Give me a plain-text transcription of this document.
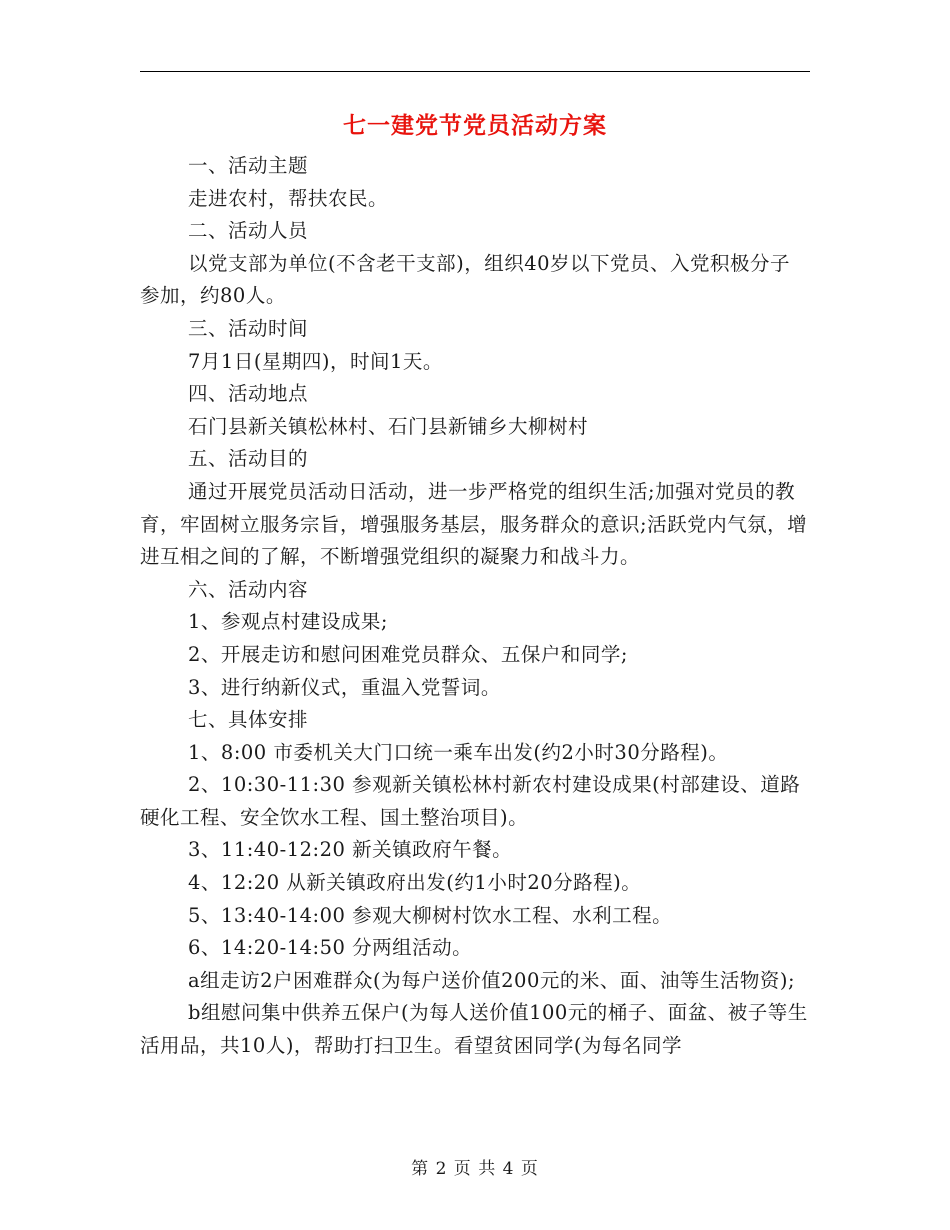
七一建党节党员活动方案

一、活动主题

走进农村，帮扶农民。

二、活动人员

以党支部为单位(不含老干支部)，组织40岁以下党员、入党积极分子参加，约80人。

三、活动时间

7月1日(星期四)，时间1天。

四、活动地点

石门县新关镇松林村、石门县新铺乡大柳树村

五、活动目的

通过开展党员活动日活动，进一步严格党的组织生活;加强对党员的教育，牢固树立服务宗旨，增强服务基层，服务群众的意识;活跃党内气氛，增进互相之间的了解，不断增强党组织的凝聚力和战斗力。

六、活动内容

1、参观点村建设成果;

2、开展走访和慰问困难党员群众、五保户和同学;

3、进行纳新仪式，重温入党誓词。

七、具体安排

1、8:00 市委机关大门口统一乘车出发(约2小时30分路程)。

2、10:30-11:30 参观新关镇松林村新农村建设成果(村部建设、道路硬化工程、安全饮水工程、国土整治项目)。

3、11:40-12:20 新关镇政府午餐。

4、12:20 从新关镇政府出发(约1小时20分路程)。

5、13:40-14:00 参观大柳树村饮水工程、水利工程。

6、14:20-14:50 分两组活动。

a组走访2户困难群众(为每户送价值200元的米、面、油等生活物资);

b组慰问集中供养五保户(为每人送价值100元的桶子、面盆、被子等生活用品，共10人)，帮助打扫卫生。看望贫困同学(为每名同学

第 2 页 共 4 页
